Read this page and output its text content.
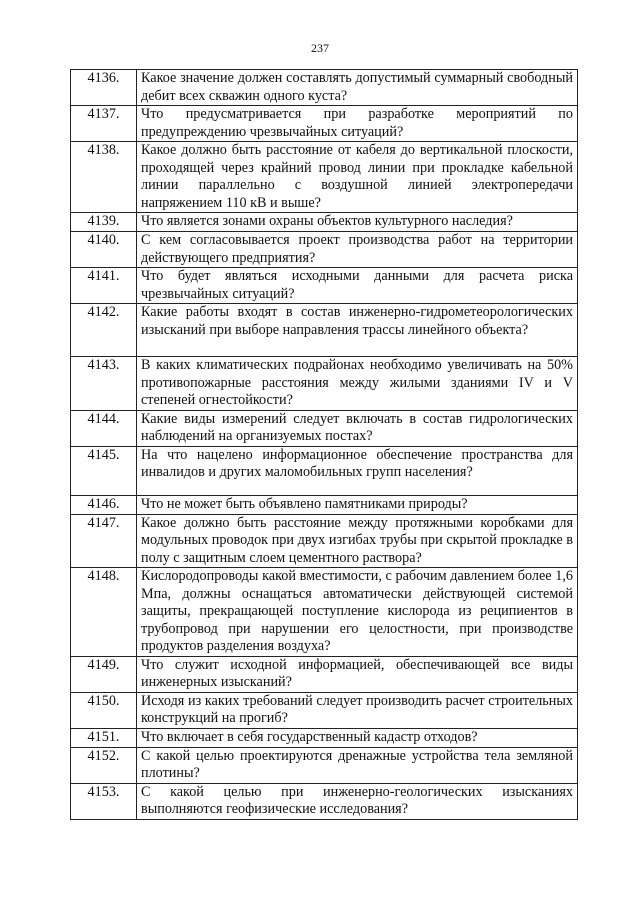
237
4136.	Какое значение должен составлять допустимый суммарный свободный дебит всех скважин одного куста?
4137.	Что предусматривается при разработке мероприятий по предупреждению чрезвычайных ситуаций?
4138.	Какое должно быть расстояние от кабеля до вертикальной плоскости, проходящей через крайний провод линии при прокладке кабельной линии параллельно с воздушной линией электропередачи напряжением 110 кВ и выше?
4139.	Что является зонами охраны объектов культурного наследия?
4140.	С кем согласовывается проект производства работ на территории действующего предприятия?
4141.	Что будет являться исходными данными для расчета риска чрезвычайных ситуаций?
4142.	Какие работы входят в состав инженерно-гидрометеорологических изысканий при выборе направления трассы линейного объекта?
4143.	В каких климатических подрайонах необходимо увеличивать на 50% противопожарные расстояния между жилыми зданиями IV и V степеней огнестойкости?
4144.	Какие виды измерений следует включать в состав гидрологических наблюдений на организуемых постах?
4145.	На что нацелено информационное обеспечение пространства для инвалидов и других маломобильных групп населения?
4146.	Что не может быть объявлено памятниками природы?
4147.	Какое должно быть расстояние между протяжными коробками для модульных проводок при двух изгибах трубы при скрытой прокладке в полу с защитным слоем цементного раствора?
4148.	Кислородопроводы какой вместимости, с рабочим давлением более 1,6 Мпа, должны оснащаться автоматически действующей системой защиты, прекращающей поступление кислорода из реципиентов в трубопровод при нарушении его целостности, при производстве продуктов разделения воздуха?
4149.	Что служит исходной информацией, обеспечивающей все виды инженерных изысканий?
4150.	Исходя из каких требований следует производить расчет строительных конструкций на прогиб?
4151.	Что включает в себя государственный кадастр отходов?
4152.	С какой целью проектируются дренажные устройства тела земляной плотины?
4153.	С какой целью при инженерно-геологических изысканиях выполняются геофизические исследования?
